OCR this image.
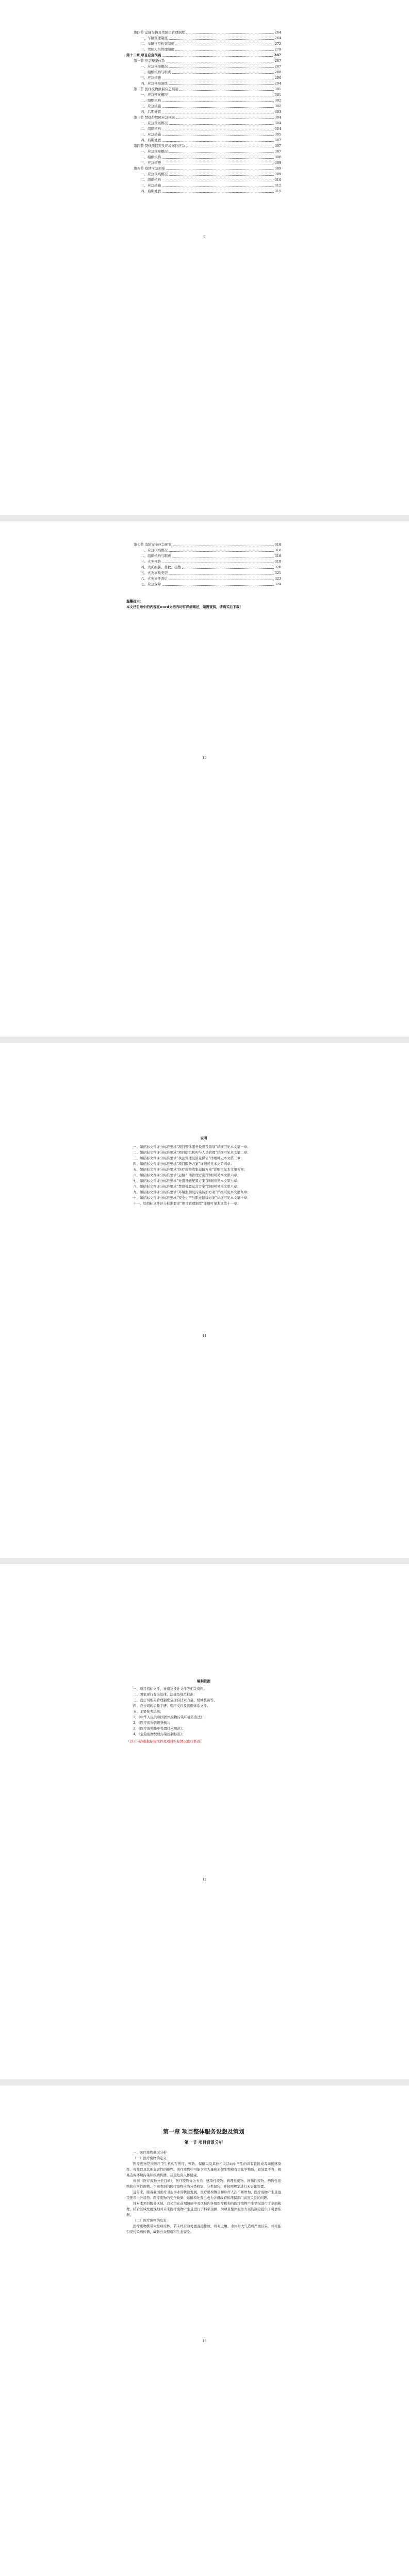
第四节 运输车辆及驾驶员管理制度	264
一、车辆管理制度	264
二、车辆日常检查制度	272
三、驾驶人员管理制度	279
第十二章 项目应急预案	287
第一节 应急预案体系	287
一、应急预案概况	287
二、组织机构与职责	288
三、应急措施	290
四、应急预案演练	294
第二节 医疗废物泄漏应急预案	301
一、应急预案概况	301
二、组织机构	302
三、应急措施	302
四、后期处置	303
第三节 焚烧炉故障应急预案	304
一、应急预案概况	304
二、组织机构	304
三、应急措施	305
四、后期处置	307
第四节 焚烧项目突发环境事件应急	307
一、应急预案概况	307
二、组织机构	308
三、应急措施	309
第五节 疫情应急预案	309
一、应急预案概况	309
二、组织机构	310
三、应急措施	312
四、后期处置	315
9
第七节 消防安全应急预案	318
一、应急预案概况	318
二、组织机构与职责	318
三、火灾预防	319
四、火灾报警、扑救、疏散	320
五、火灾事故类型	321
六、火灾事件善后	323
七、应急保障	324

温馨提示：

本文档目录中的内容在word文档内均有详细阐述，如需查阅，请购买后下载！

10

说明

一、如招标文件评分标准要求“项目整体服务设想及策划”详细可见本文第一章；

二、如招标文件评分标准要求“项目组织机构与人员管理”详细可见本文第二章；

三、如招标文件评分标准要求“执法管理及质量保证”详细可见本文第三章；

四、如招标文件评分标准要求“项目服务方案”详细可见本文第四章；

五、如招标文件评分标准要求“医疗废物收集运输方案”详细可见本文第五章；

六、如招标文件评分标准要求“运输车辆管理方案”详细可见本文第六章；

七、如招标文件评分标准要求“处置设施配置方案”详细可见本文第七章；

八、如招标文件评分标准要求“焚烧处置运营方案”详细可见本文第八章；

九、如招标文件评分标准要求“环境监测及污染防治方案”详细可见本文第九章；

十、如招标文件评分标准要求“安全生产与职业健康方案”详细可见本文第十章；

十一、如招标文件评分标准要求“项目管理制度”详细可见本文第十一章；

11

编制依据

一、项目招标文件、补遗及设计文件等相关资料。

二、国家现行有关法律、法规及规范标准：

三、我公司相关管理制度及现有技术力量、机械装备等。

四、我公司的质量手册、程序文件及管理体系文件。

五、主要参考法规：

1、《中华人民共和国固体废物污染环境防治法》；

2、《医疗废物管理条例》；

3、《医疗废物集中处置技术规范》；

4、《危险废物焚烧污染控制标准》；

（以下内容根据招标文件及项目实际情况进行修改）

12

第一章 项目整体服务设想及策划

第一节 项目背景分析

一、医疗废物概况分析

（一）医疗废物的定义

医疗废物是指医疗卫生机构在医疗、预防、保健以及其他相关活动中产生的具有直接或者间接感染性、毒性以及其他危害性的废物。医疗废物中可能含有大量病原微生物和有害化学物质，如处置不当，极易造成环境污染和疾病传播，甚至危害人体健康。

根据《医疗废物分类目录》，医疗废物分为五类：感染性废物、病理性废物、损伤性废物、药物性废物和化学性废物。不同类别的医疗废物应当分类收集、分类包装，并按照规定进行无害化处置。

近年来，随着我国医疗卫生事业的快速发展，医疗机构数量和诊疗人次不断增加，医疗废物产生量也呈逐年上升趋势。医疗废物的安全收集、运输和处置已成为各级政府和环保部门高度关注的问题。

针对本项目服务区域，我公司在前期调研中对区域内各级医疗机构的医疗废物产生情况进行了全面梳理，结合区域发展规划对未来医疗废物产生量进行了科学预测，为项目整体服务方案的制定提供了可靠依据。

（二）医疗废物的危害

医疗废物携带大量病原体，若未经有效处置直接排放，将对土壤、水体和大气造成严重污染，并可能引发传染病传播，威胁公众健康和生态安全。

13
